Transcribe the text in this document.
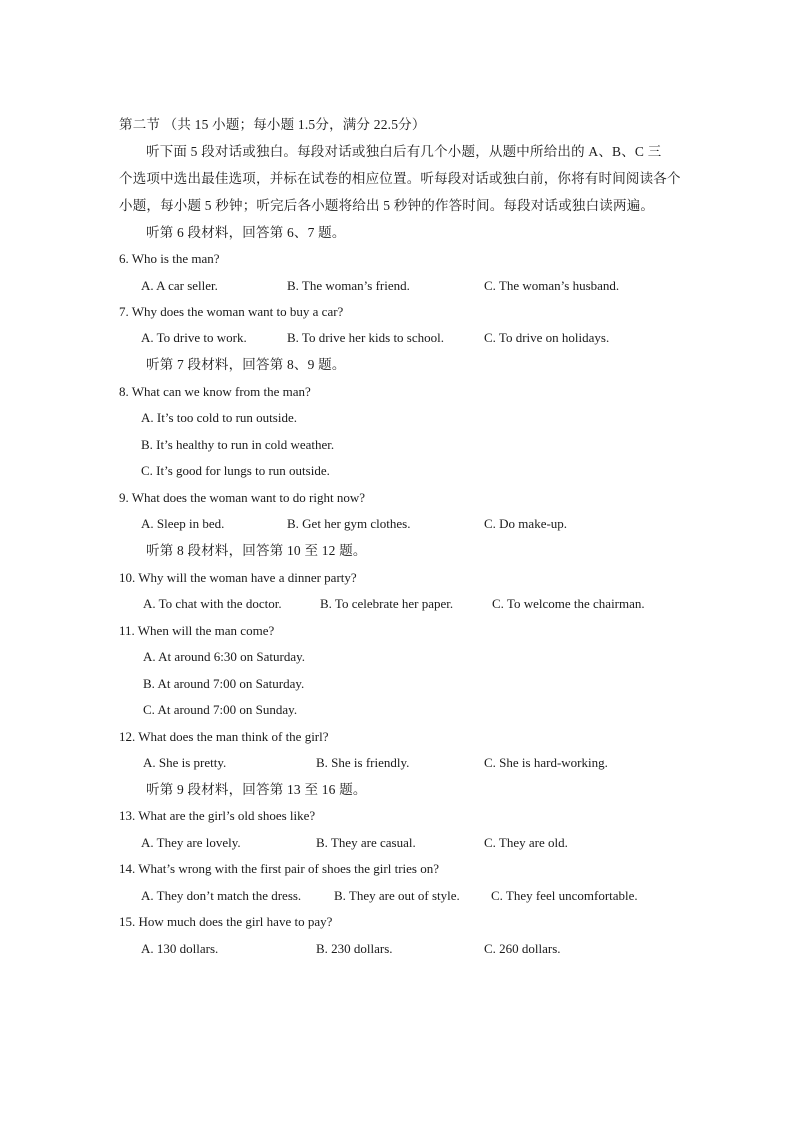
第二节 （共 15 小题；每小题 1.5分，满分 22.5分）
听下面 5 段对话或独白。每段对话或独白后有几个小题，从题中所给出的 A、B、C 三
个选项中选出最佳选项，并标在试卷的相应位置。听每段对话或独白前，你将有时间阅读各个
小题，每小题 5 秒钟；听完后各小题将给出 5 秒钟的作答时间。每段对话或独白读两遍。
听第 6 段材料，回答第 6、7 题。
6. Who is the man?
A. A car seller.	B. The woman’s friend.	C. The woman’s husband.
7. Why does the woman want to buy a car?
A. To drive to work.	B. To drive her kids to school.	C. To drive on holidays.
听第 7 段材料，回答第 8、9 题。
8. What can we know from the man?
A. It’s too cold to run outside.
B. It’s healthy to run in cold weather.
C. It’s good for lungs to run outside.
9. What does the woman want to do right now?
A. Sleep in bed.	B. Get her gym clothes.	C. Do make-up.
听第 8 段材料，回答第 10 至 12 题。
10. Why will the woman have a dinner party?
A. To chat with the doctor.	B. To celebrate her paper.	C. To welcome the chairman.
11. When will the man come?
A. At around 6:30 on Saturday.
B. At around 7:00 on Saturday.
C. At around 7:00 on Sunday.
12. What does the man think of the girl?
A. She is pretty.	B. She is friendly.	C. She is hard-working.
听第 9 段材料，回答第 13 至 16 题。
13. What are the girl’s old shoes like?
A. They are lovely.	B. They are casual.	C. They are old.
14. What’s wrong with the first pair of shoes the girl tries on?
A. They don’t match the dress.	B. They are out of style. C. They feel uncomfortable.
15. How much does the girl have to pay?
A. 130 dollars.	B. 230 dollars.	C. 260 dollars.
